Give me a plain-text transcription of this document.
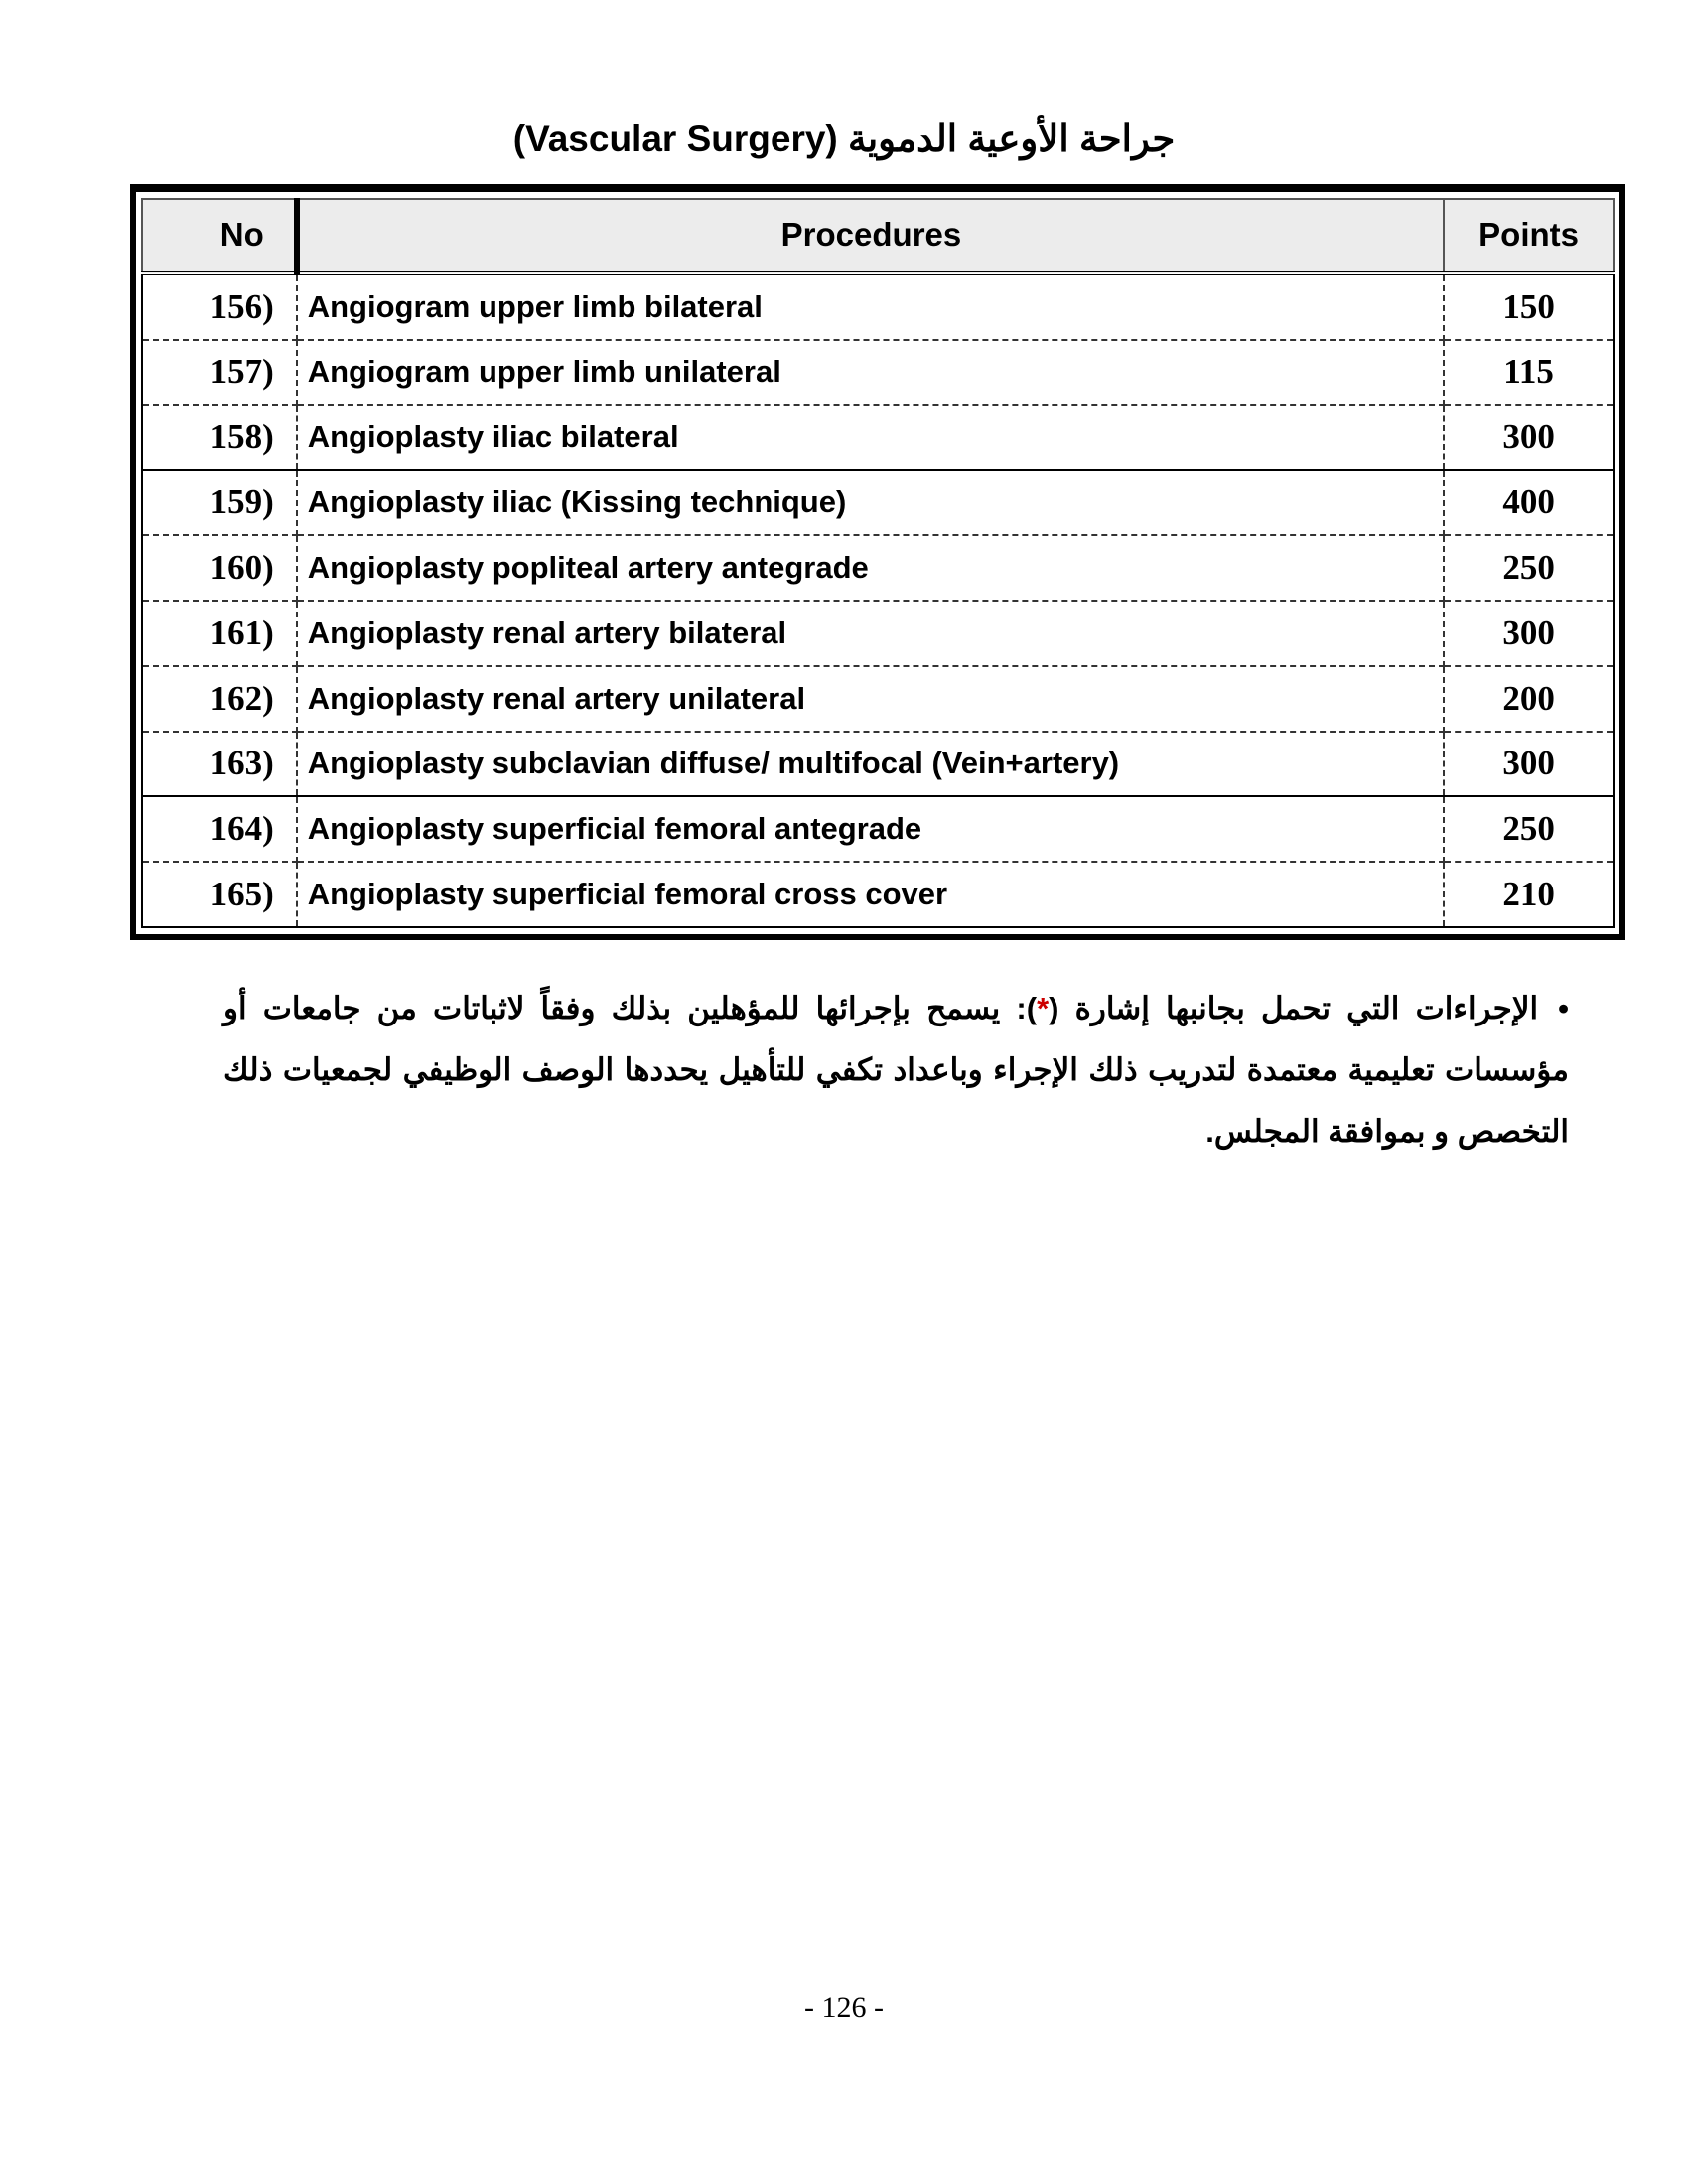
جراحة الأوعية الدموية (Vascular Surgery)
No	Procedures	Points
156)	Angiogram upper limb bilateral	150
157)	Angiogram upper limb unilateral	115
158)	Angioplasty iliac bilateral	300
159)	Angioplasty iliac (Kissing technique)	400
160)	Angioplasty popliteal artery antegrade	250
161)	Angioplasty renal artery bilateral	300
162)	Angioplasty renal artery unilateral	200
163)	Angioplasty subclavian diffuse/ multifocal (Vein+artery)	300
164)	Angioplasty superficial femoral antegrade	250
165)	Angioplasty superficial femoral cross cover	210
•الإجراءات التي تحمل بجانبها إشارة (*): يسمح بإجرائها للمؤهلين بذلك وفقاً لاثباتات من جامعات أو مؤسسات تعليمية معتمدة لتدريب ذلك الإجراء وباعداد تكفي للتأهيل يحددها الوصف الوظيفي لجمعيات ذلك التخصص و بموافقة المجلس.
- 126 -
